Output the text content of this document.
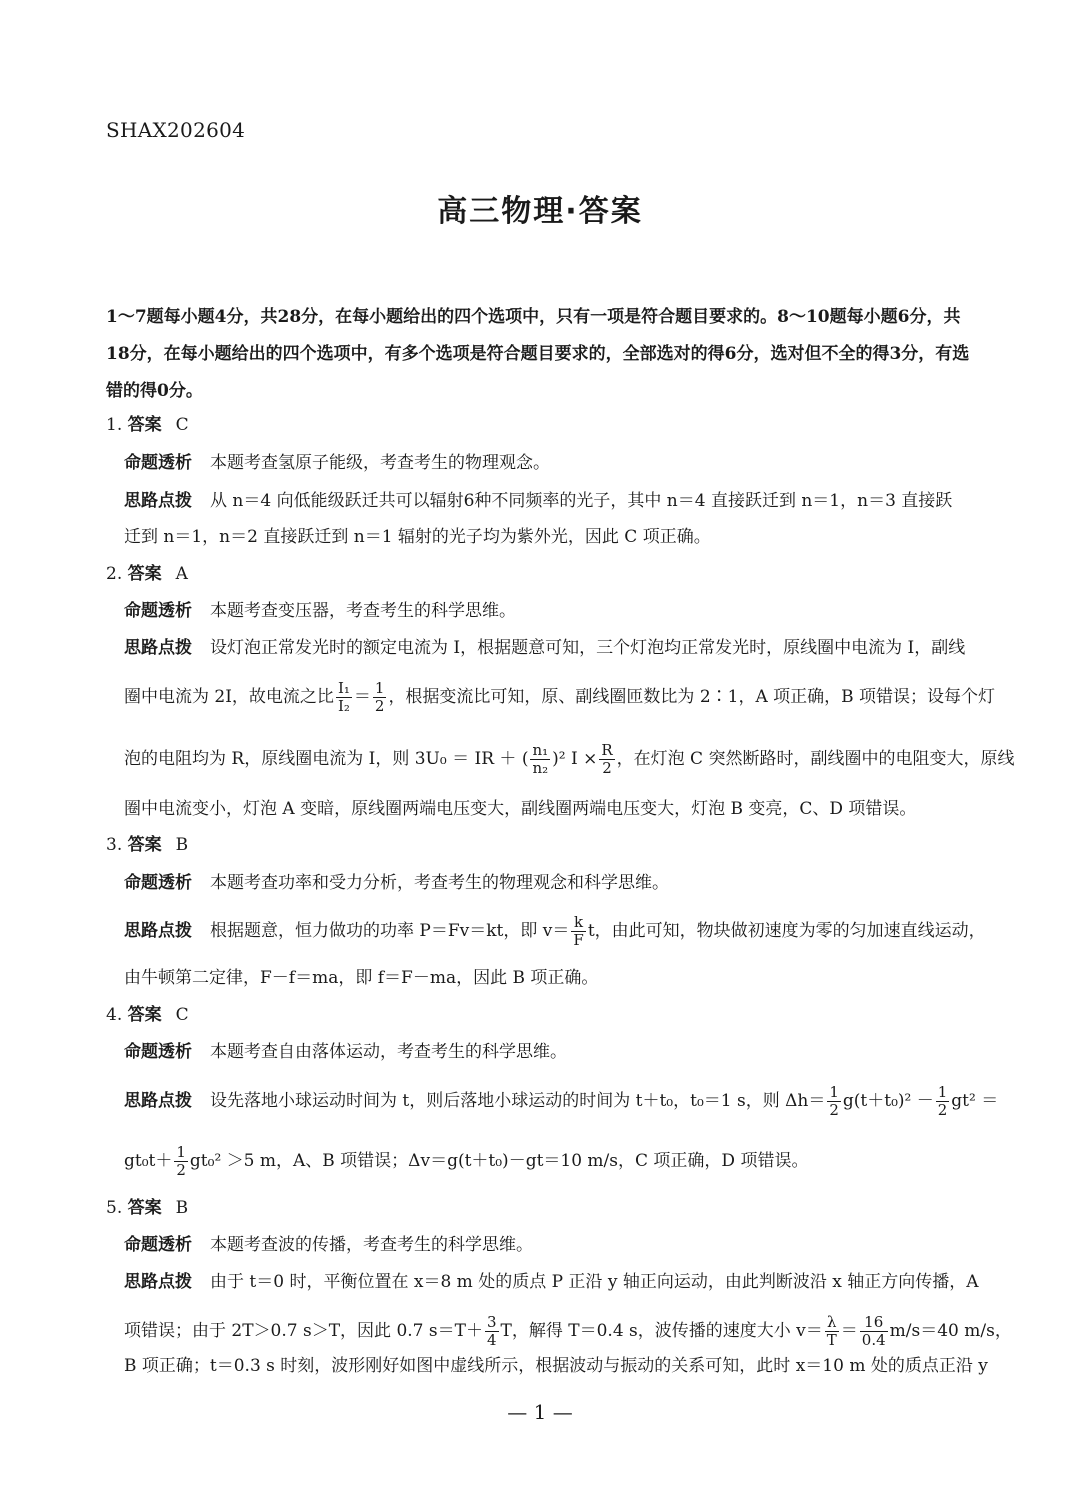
SHAX202604
高三物理·答案

1～7题每小题4分，共28分，在每小题给出的四个选项中，只有一项是符合题目要求的。8～10题每小题6分，共18分，在每小题给出的四个选项中，有多个选项是符合题目要求的，全部选对的得6分，选对但不全的得3分，有选错的得0分。

1. 答案 C
命题透析 本题考查氢原子能级，考查考生的物理观念。
思路点拨 从 n＝4 向低能级跃迁共可以辐射6种不同频率的光子，其中 n＝4 直接跃迁到 n＝1，n＝3 直接跃
迁到 n＝1，n＝2 直接跃迁到 n＝1 辐射的光子均为紫外光，因此 C 项正确。
2. 答案 A
命题透析 本题考查变压器，考查考生的科学思维。
思路点拨 设灯泡正常发光时的额定电流为 I，根据题意可知，三个灯泡均正常发光时，原线圈中电流为 I，副线
圈中电流为 2I，故电流之比 $\frac{\text{I₁}}{\text{I₂}} = \frac{1}{2}$ ，根据变流比可知，原、副线圈匝数比为 2∶1，A 项正确，B 项错误；设每个灯
泡的电阻均为 R，原线圈电流为 I，则 3U₀ ＝ IR ＋ ( $\frac{\text{n₁}}{\text{n₂}} )^2$ $I \times \frac{R}{2}$ ，在灯泡 C 突然断路时，副线圈中的电阻变大，原线
圈中电流变小，灯泡 A 变暗，原线圈两端电压变大，副线圈两端电压变大，灯泡 B 变亮，C、D 项错误。
3. 答案 B
命题透析 本题考查功率和受力分析，考查考生的物理观念和科学思维。
思路点拨 根据题意，恒力做功的功率 P＝Fv＝kt，即 $v= \frac{k}{F}$ t，由此可知，物块做初速度为零的匀加速直线运动，
由牛顿第二定律，F－f＝ma，即 f＝F－ma，因此 B 项正确。
4. 答案 C
命题透析 本题考查自由落体运动，考查考生的科学思维。
思路点拨 设先落地小球运动时间为 t，则后落地小球运动的时间为 t＋t₀，t₀＝1 s，则 $\Delta h= \frac{1}{2} g(t+t_0)^2 - \frac{1}{2} gt^2$ ＝
$gt_0t+ \frac{1}{2} gt_0^2 >5$ m，A、B 项错误；Δv＝g(t＋t₀)－gt＝10 m/s，C 项正确，D 项错误。
5. 答案 B
命题透析 本题考查波的传播，考查考生的科学思维。
思路点拨 由于 t＝0 时，平衡位置在 x＝8 m 处的质点 P 正沿 y 轴正向运动，由此判断波沿 x 轴正方向传播，A
项错误；由于 2T＞0.7 s＞T，因此 0.7 $s=T+ \frac{3}{4}$ T，解得 T＝0.4 s，波传播的速度大小 $v= \frac{\lambda}{T} = \frac{16}{0.4} m/s=40$ m/s，
B 项正确；t＝0.3 s 时刻，波形刚好如图中虚线所示，根据波动与振动的关系可知，此时 x＝10 m 处的质点正沿 y
— 1 —
